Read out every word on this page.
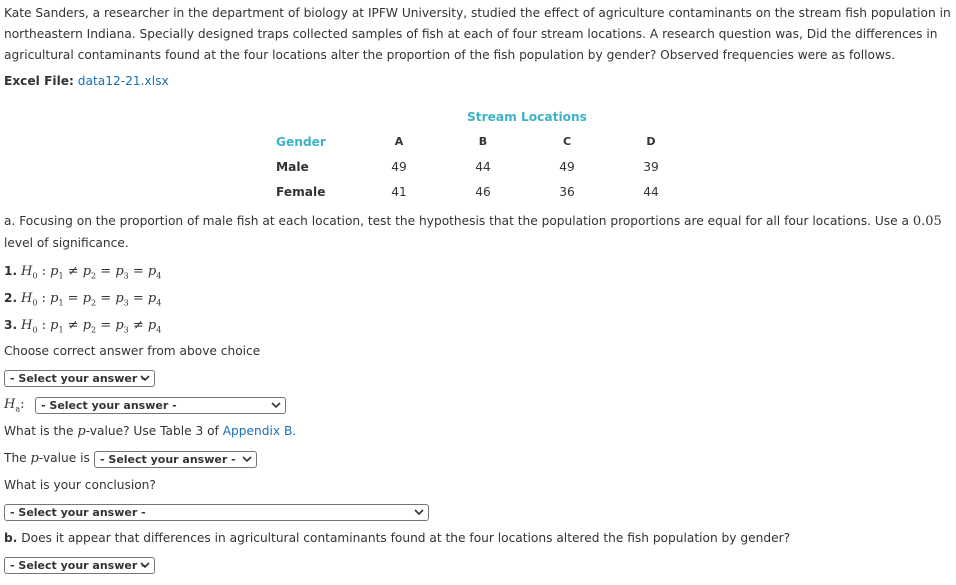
Kate Sanders, a researcher in the department of biology at IPFW University, studied the effect of agriculture contaminants on the stream fish population in
northeastern Indiana. Specially designed traps collected samples of fish at each of four stream locations. A research question was, Did the differences in
agricultural contaminants found at the four locations alter the proportion of the fish population by gender? Observed frequencies were as follows.
Excel File: data12-21.xlsx
Stream Locations
Gender	A	B	C	D
Male	49	44	49	39
Female	41	46	36	44
a. Focusing on the proportion of male fish at each location, test the hypothesis that the population proportions are equal for all four locations. Use a 0.05
level of significance.
1. $H_0$ : $p_1 \ne p_2 = p_3 = p_4$
2. $H_0$ : $p_1 = p_2 = p_3 = p_4$
3. $H_0$ : $p_1 \ne p_2 = p_3 \ne p_4$
Choose correct answer from above choice
- Select your answer -
$H_a$:	- Select your answer -
What is the p-value? Use Table 3 of Appendix B.
The p-value is - Select your answer -
What is your conclusion?
- Select your answer -
b. Does it appear that differences in agricultural contaminants found at the four locations altered the fish population by gender?
- Select your answer -
